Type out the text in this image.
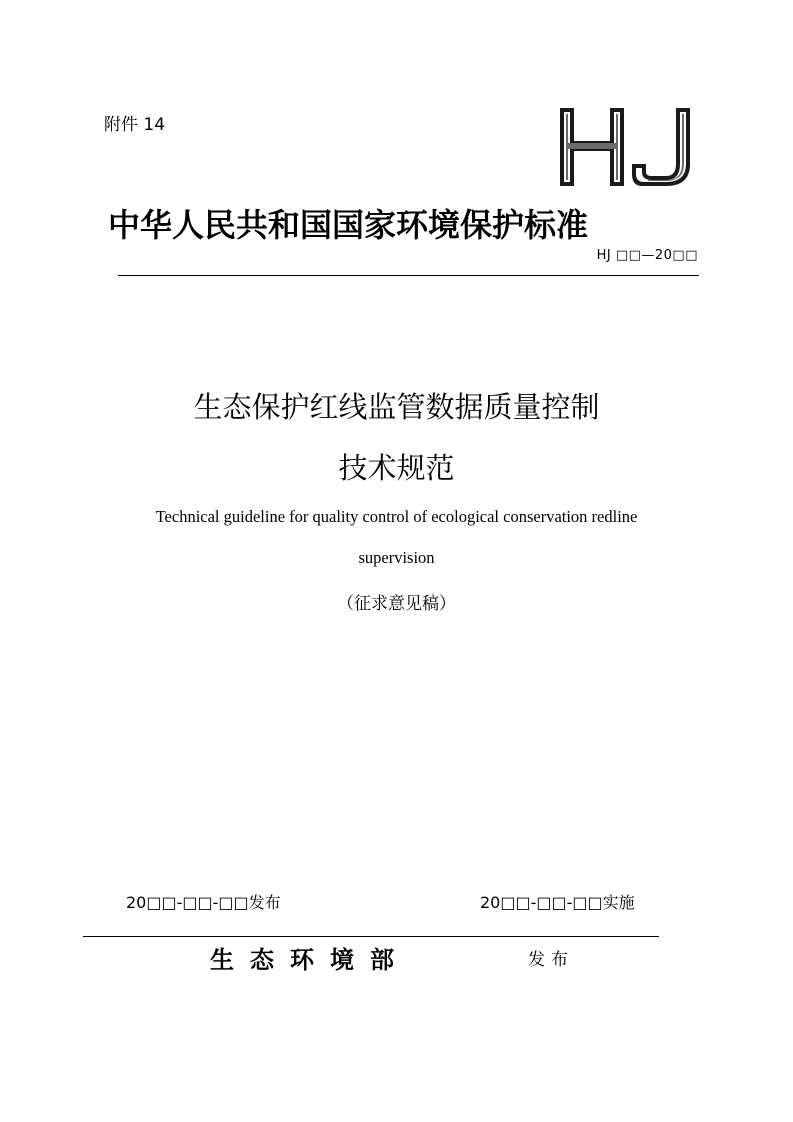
附件 14
中华人民共和国国家环境保护标准
HJ □□—20□□
生态保护红线监管数据质量控制
技术规范
Technical guideline for quality control of ecological conservation redline
supervision
（征求意见稿）
20□□-□□-□□发布	20□□-□□-□□实施
生态环境部	发布
